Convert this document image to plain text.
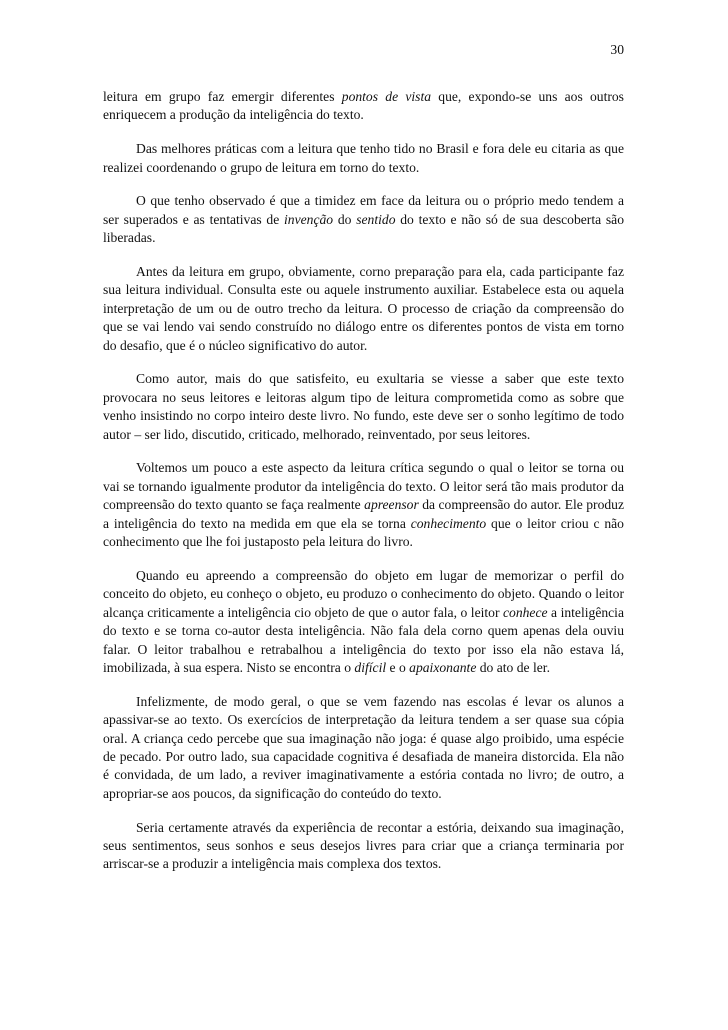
30

leitura em grupo faz emergir diferentes pontos de vista que, expondo-se uns aos outros enriquecem a produção da inteligência do texto.

Das melhores práticas com a leitura que tenho tido no Brasil e fora dele eu citaria as que realizei coordenando o grupo de leitura em torno do texto.

O que tenho observado é que a timidez em face da leitura ou o próprio medo tendem a ser superados e as tentativas de invenção do sentido do texto e não só de sua descoberta são liberadas.

Antes da leitura em grupo, obviamente, corno preparação para ela, cada participante faz sua leitura individual. Consulta este ou aquele instrumento auxiliar. Estabelece esta ou aquela interpretação de um ou de outro trecho da leitura. O processo de criação da compreensão do que se vai lendo vai sendo construído no diálogo entre os diferentes pontos de vista em torno do desafio, que é o núcleo significativo do autor.

Como autor, mais do que satisfeito, eu exultaria se viesse a saber que este texto provocara no seus leitores e leitoras algum tipo de leitura comprometida como as sobre que venho insistindo no corpo inteiro deste livro. No fundo, este deve ser o sonho legítimo de todo autor – ser lido, discutido, criticado, melhorado, reinventado, por seus leitores.

Voltemos um pouco a este aspecto da leitura crítica segundo o qual o leitor se torna ou vai se tornando igualmente produtor da inteligência do texto. O leitor será tão mais produtor da compreensão do texto quanto se faça realmente apreensor da compreensão do autor. Ele produz a inteligência do texto na medida em que ela se torna conhecimento que o leitor criou c não conhecimento que lhe foi justaposto pela leitura do livro.

Quando eu apreendo a compreensão do objeto em lugar de memorizar o perfil do conceito do objeto, eu conheço o objeto, eu produzo o conhecimento do objeto. Quando o leitor alcança criticamente a inteligência cio objeto de que o autor fala, o leitor conhece a inteligência do texto e se torna co-autor desta inteligência. Não fala dela corno quem apenas dela ouviu falar. O leitor trabalhou e retrabalhou a inteligência do texto por isso ela não estava lá, imobilizada, à sua espera. Nisto se encontra o difícil e o apaixonante do ato de ler.

Infelizmente, de modo geral, o que se vem fazendo nas escolas é levar os alunos a apassivar-se ao texto. Os exercícios de interpretação da leitura tendem a ser quase sua cópia oral. A criança cedo percebe que sua imaginação não joga: é quase algo proibido, uma espécie de pecado. Por outro lado, sua capacidade cognitiva é desafiada de maneira distorcida. Ela não é convidada, de um lado, a reviver imaginativamente a estória contada no livro; de outro, a apropriar-se aos poucos, da significação do conteúdo do texto.

Seria certamente através da experiência de recontar a estória, deixando sua imaginação, seus sentimentos, seus sonhos e seus desejos livres para criar que a criança terminaria por arriscar-se a produzir a inteligência mais complexa dos textos.
